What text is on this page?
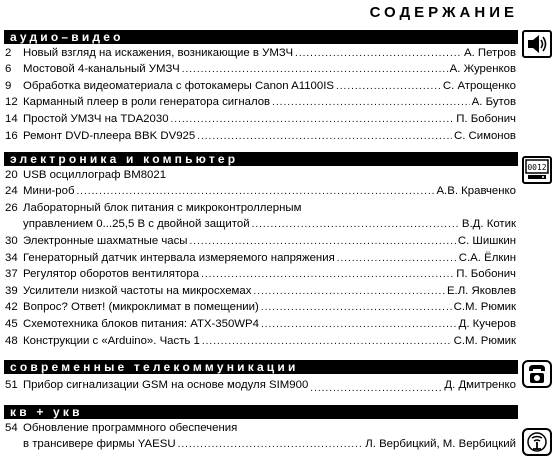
СОДЕРЖАНИЕ
аудио–видео
2	Новый взгляд на искажения, возникающие в УМЗЧ .....	А. Петров
6	Мостовой 4-канальный УМЗЧ .....	А. Журенков
9	Обработка видеоматериала с фотокамеры Canon A1100IS .....	С. Атрощенко
12 Карманный плеер в роли генератора сигналов .....	А. Бутов
14 Простой УМЗЧ на TDA2030 .....	П. Бобонич
16 Ремонт DVD-плеера BBK DV925 .....	С. Симонов
электроника и компьютер
20 USB осциллограф BM8021
24 Мини-роб .....	А.В. Кравченко
26 Лабораторный блок питания с микроконтроллерным
управлением 0...25,5 В с двойной защитой .....	В.Д. Котик
30 Электронные шахматные часы .....	С. Шишкин
34 Генераторный датчик интервала измеряемого напряжения .....	С.А. Ёлкин
37 Регулятор оборотов вентилятора .....	П. Бобонич
39 Усилители низкой частоты на микросхемах .....	Е.Л. Яковлев
42 Вопрос? Ответ! (микроклимат в помещении) .....	С.М. Рюмик
45 Схемотехника блоков питания: ATX-350WP4 .....	Д. Кучеров
48 Конструкции с «Arduino». Часть 1 .....	С.М. Рюмик
0012
современные телекоммуникации
51 Прибор сигнализации GSM на основе модуля SIM900 .....	Д. Дмитренко
кв + укв
54 Обновление программного обеспечения
в трансивере фирмы YAESU .....	Л. Вербицкий, М. Вербицкий
